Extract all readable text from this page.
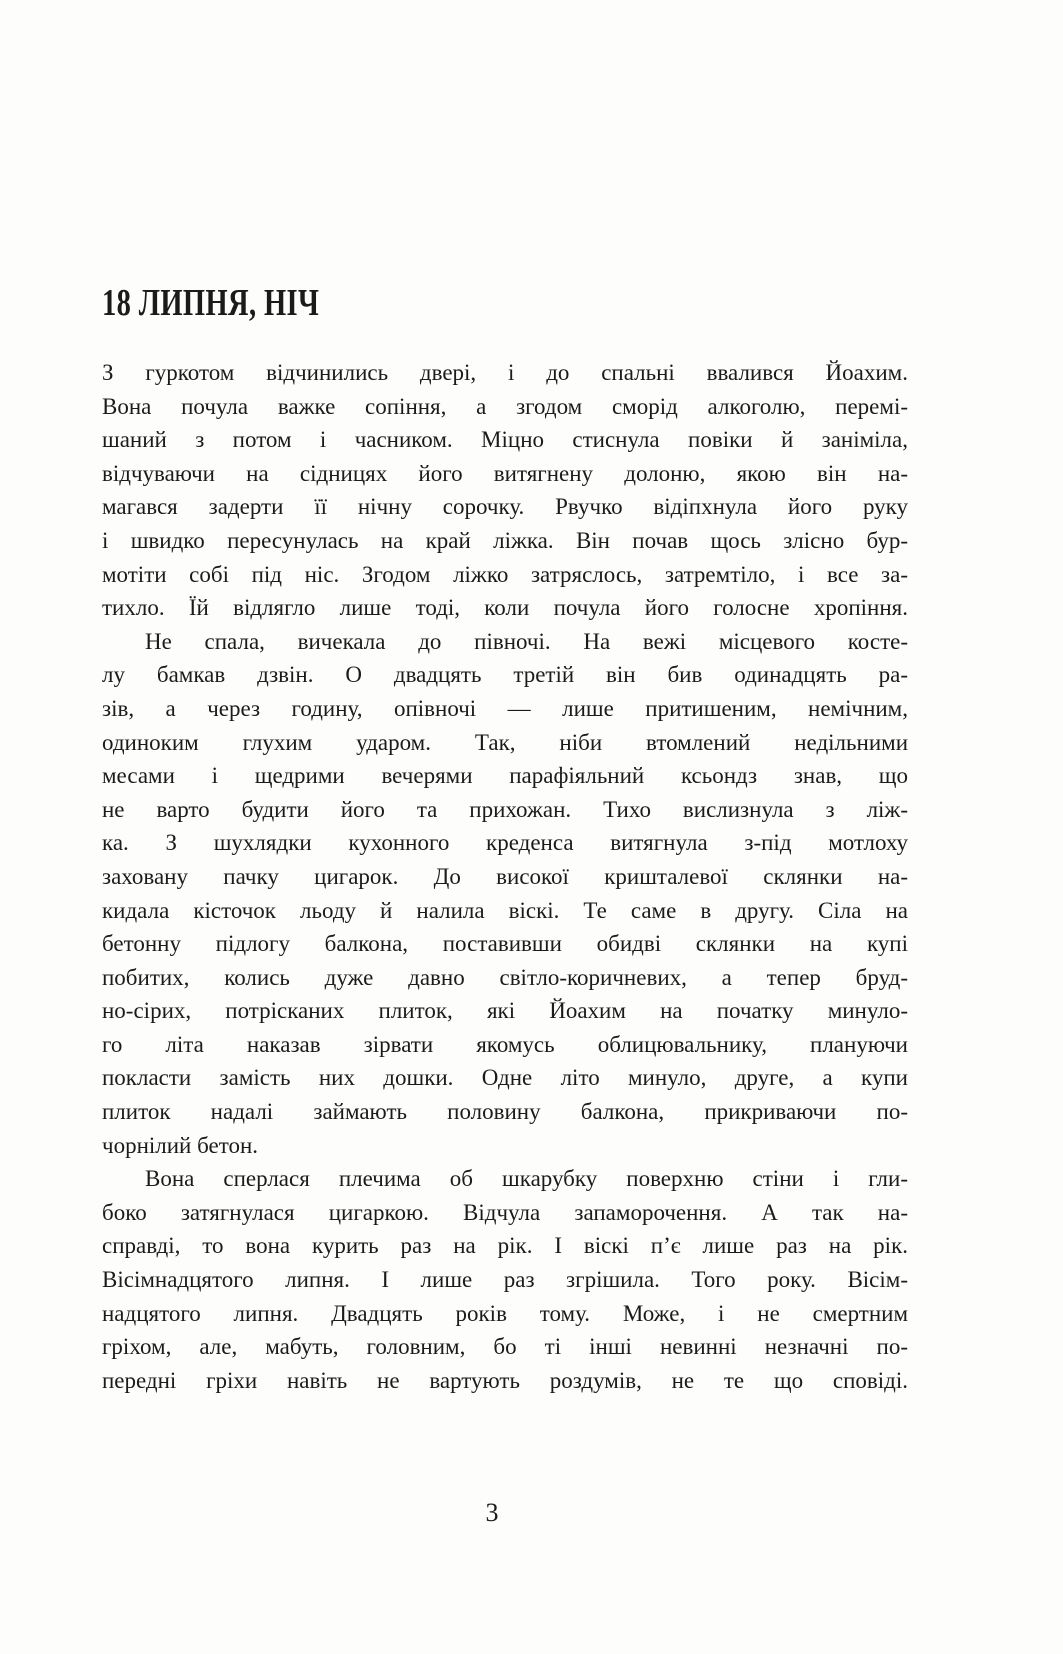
18 ЛИПНЯ, НІЧ
З гуркотом відчинились двері, і до спальні ввалився Йоахим.
Вона почула важке сопіння, а згодом сморід алкоголю, перемі-
шаний з потом і часником. Міцно стиснула повіки й заніміла,
відчуваючи на сідницях його витягнену долоню, якою він на-
магався задерти її нічну сорочку. Рвучко відіпхнула його руку
і швидко пересунулась на край ліжка. Він почав щось злісно бур-
мотіти собі під ніс. Згодом ліжко затряслось, затремтіло, і все за-
тихло. Їй відлягло лише тоді, коли почула його голосне хропіння.
Не спала, вичекала до півночі. На вежі місцевого косте-
лу бамкав дзвін. О двадцять третій він бив одинадцять ра-
зів, а через годину, опівночі — лише притишеним, немічним,
одиноким глухим ударом. Так, ніби втомлений недільними
месами і щедрими вечерями парафіяльний ксьондз знав, що
не варто будити його та прихожан. Тихо вислизнула з ліж-
ка. З шухлядки кухонного креденса витягнула з-під мотлоху
заховану пачку цигарок. До високої кришталевої склянки на-
кидала кісточок льоду й налила віскі. Те саме в другу. Сіла на
бетонну підлогу балкона, поставивши обидві склянки на купі
побитих, колись дуже давно світло-коричневих, а тепер бруд-
но-сірих, потрісканих плиток, які Йоахим на початку минуло-
го літа наказав зірвати якомусь облицювальнику, плануючи
покласти замість них дошки. Одне літо минуло, друге, а купи
плиток надалі займають половину балкона, прикриваючи по-
чорнілий бетон.
Вона сперлася плечима об шкарубку поверхню стіни і гли-
боко затягнулася цигаркою. Відчула запаморочення. А так на-
справді, то вона курить раз на рік. І віскі п’є лише раз на рік.
Вісімнадцятого липня. І лише раз згрішила. Того року. Вісім-
надцятого липня. Двадцять років тому. Може, і не смертним
гріхом, але, мабуть, головним, бо ті інші невинні незначні по-
передні гріхи навіть не вартують роздумів, не те що сповіді.
3
